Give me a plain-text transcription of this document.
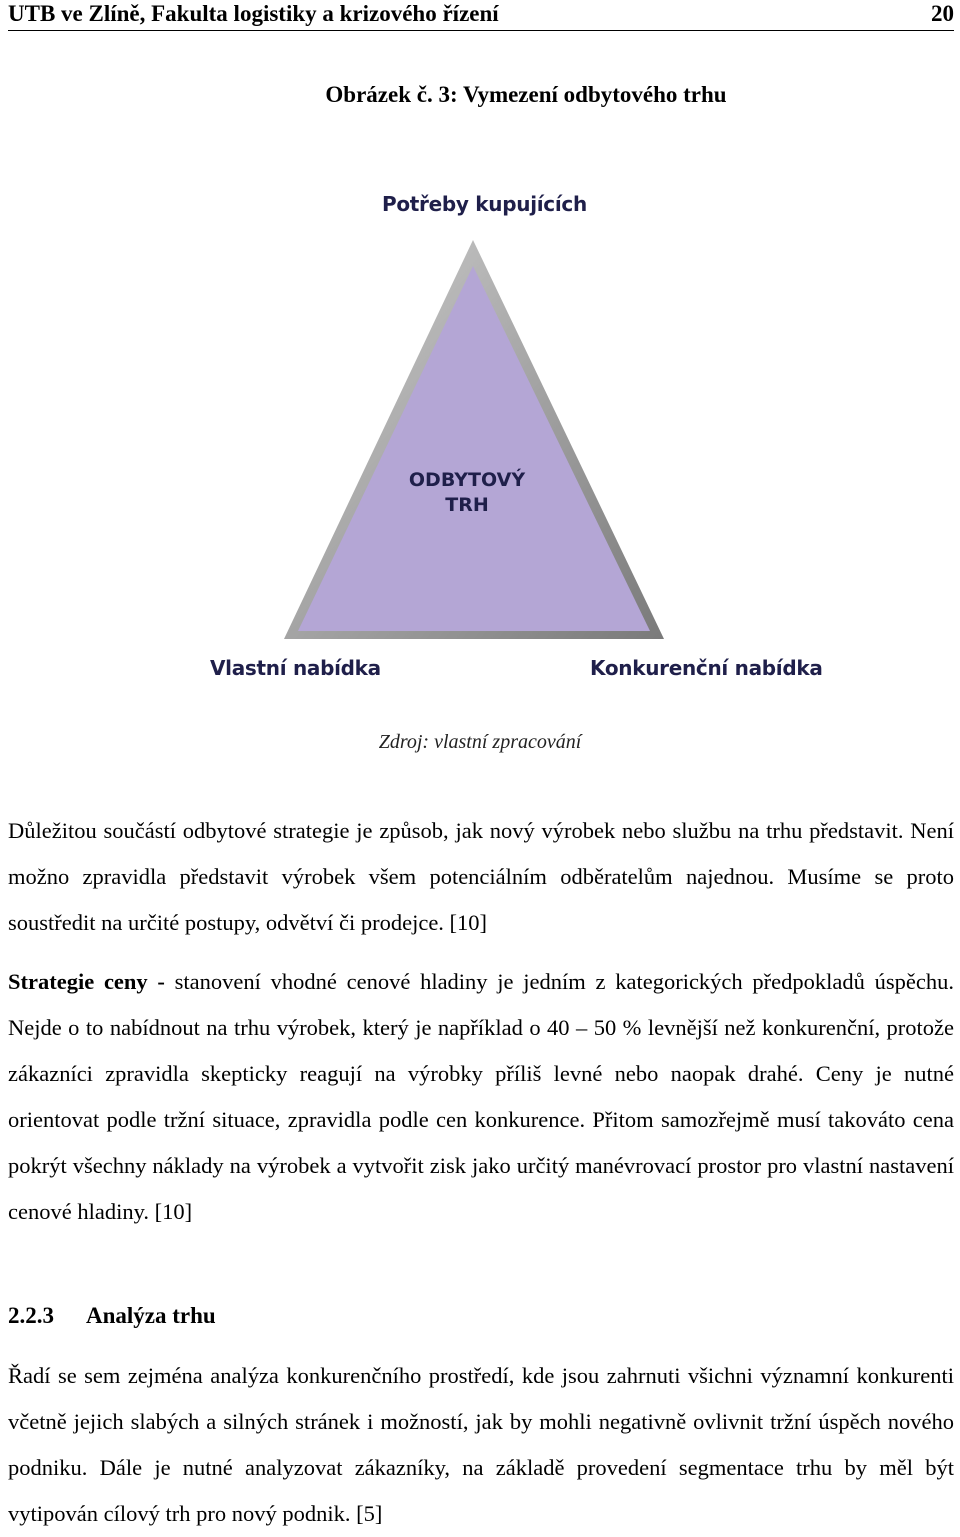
UTB ve Zlíně, Fakulta logistiky a krizového řízení	20
Obrázek č. 3: Vymezení odbytového trhu
ODBYTOVÝ
TRH
Potřeby kupujících
Vlastní nabídka	Konkurenční nabídka
Zdroj: vlastní zpracování

Důležitou součástí odbytové strategie je způsob, jak nový výrobek nebo službu na trhu představit. Není možno zpravidla představit výrobek všem potenciálním odběratelům najednou. Musíme se proto soustředit na určité postupy, odvětví či prodejce. [10]

Strategie ceny - stanovení vhodné cenové hladiny je jedním z kategorických předpokladů úspěchu. Nejde o to nabídnout na trhu výrobek, který je například o 40 – 50 % levnější než konkurenční, protože zákazníci zpravidla skepticky reagují na výrobky příliš levné nebo naopak drahé. Ceny je nutné orientovat podle tržní situace, zpravidla podle cen konkurence. Přitom samozřejmě musí takováto cena pokrýt všechny náklady na výrobek a vytvořit zisk jako určitý manévrovací prostor pro vlastní nastavení cenové hladiny. [10]

2.2.3 Analýza trhu

Řadí se sem zejména analýza konkurenčního prostředí, kde jsou zahrnuti všichni významní konkurenti včetně jejich slabých a silných stránek i možností, jak by mohli negativně ovlivnit tržní úspěch nového podniku. Dále je nutné analyzovat zákazníky, na základě provedení segmentace trhu by měl být vytipován cílový trh pro nový podnik. [5]
